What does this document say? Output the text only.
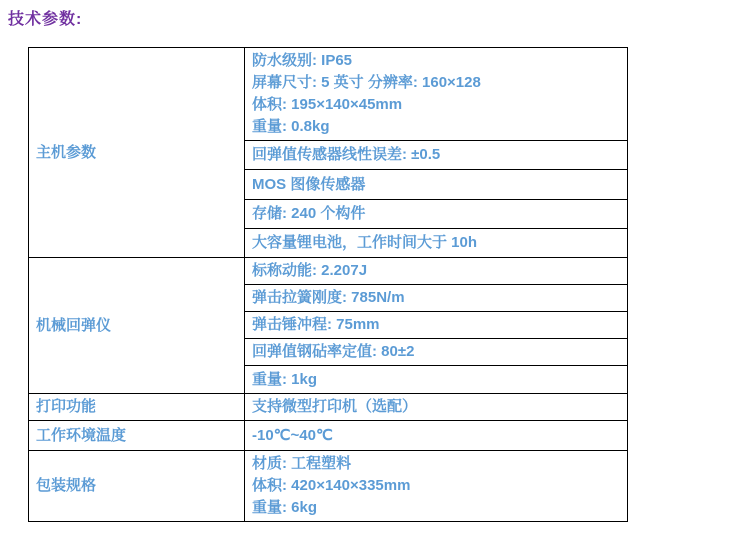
技术参数:
主机参数	防水级别: IP65
屏幕尺寸: 5 英寸 分辨率: 160×128
体积: 195×140×45mm
重量: 0.8kg

	回弹值传感器线性误差: ±0.5
	MOS 图像传感器
	存储: 240 个构件
	大容量锂电池，工作时间大于 10h
机械回弹仪	标称动能: 2.207J
	弹击拉簧刚度: 785N/m
	弹击锤冲程: 75mm
	回弹值钢砧率定值: 80±2
	重量: 1kg
打印功能	支持微型打印机（选配）
工作环境温度	-10℃~40℃
包装规格	材质: 工程塑料
体积: 420×140×335mm
重量: 6kg
